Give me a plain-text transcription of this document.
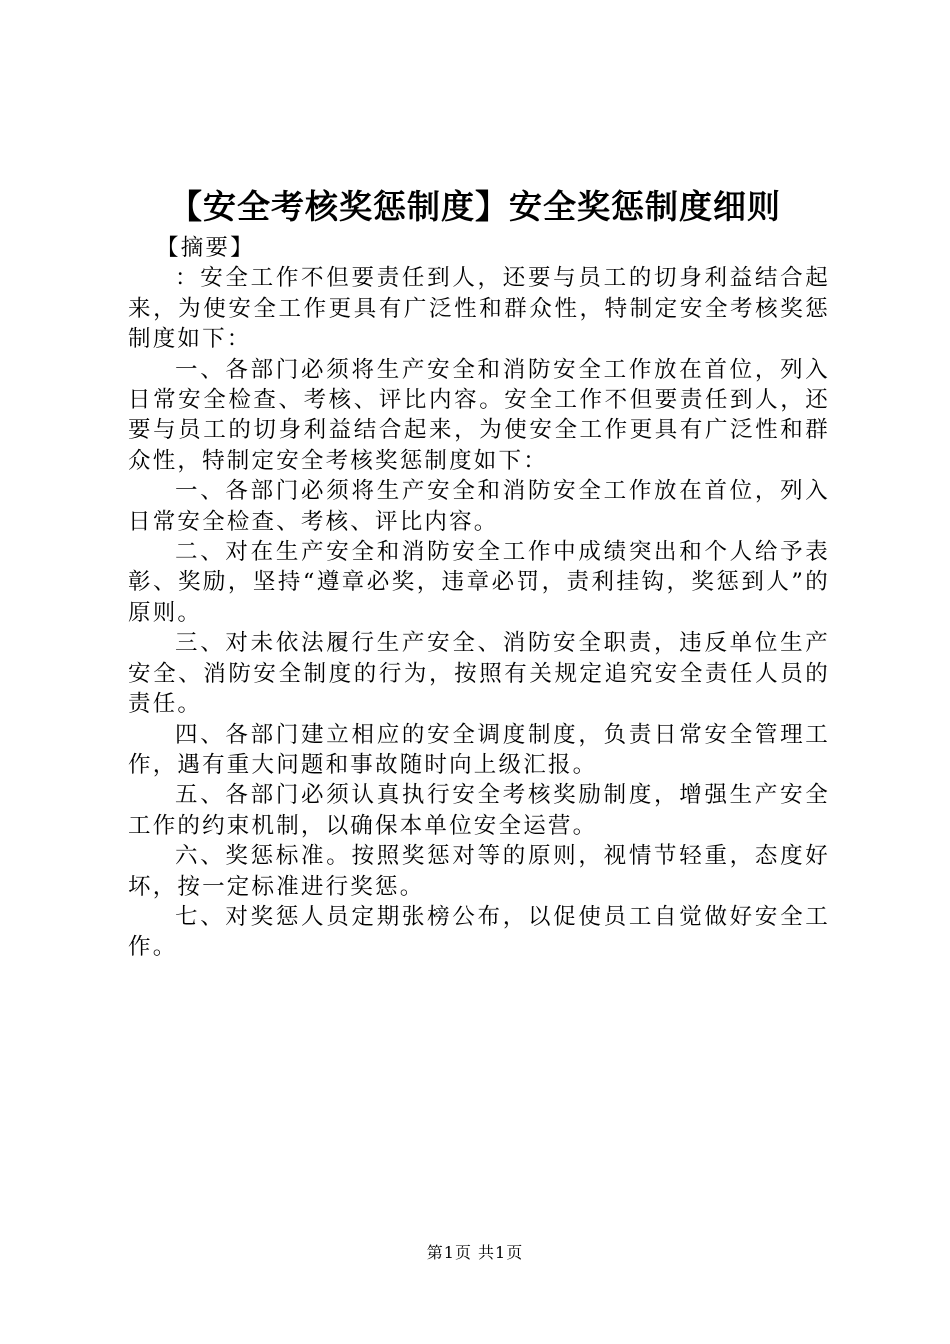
【安全考核奖惩制度】安全奖惩制度细则

【摘要】

：安全工作不但要责任到人，还要与员工的切身利益结合起来，为使安全工作更具有广泛性和群众性，特制定安全考核奖惩制度如下：

一、各部门必须将生产安全和消防安全工作放在首位，列入日常安全检查、考核、评比内容。安全工作不但要责任到人，还要与员工的切身利益结合起来，为使安全工作更具有广泛性和群众性，特制定安全考核奖惩制度如下：

一、各部门必须将生产安全和消防安全工作放在首位，列入日常安全检查、考核、评比内容。

二、对在生产安全和消防安全工作中成绩突出和个人给予表彰、奖励，坚持“遵章必奖，违章必罚，责利挂钩，奖惩到人”的原则。

三、对未依法履行生产安全、消防安全职责，违反单位生产安全、消防安全制度的行为，按照有关规定追究安全责任人员的责任。

四、各部门建立相应的安全调度制度，负责日常安全管理工作，遇有重大问题和事故随时向上级汇报。

五、各部门必须认真执行安全考核奖励制度，增强生产安全工作的约束机制，以确保本单位安全运营。

六、奖惩标准。按照奖惩对等的原则，视情节轻重，态度好坏，按一定标准进行奖惩。

七、对奖惩人员定期张榜公布，以促使员工自觉做好安全工作。

第1页 共1页
